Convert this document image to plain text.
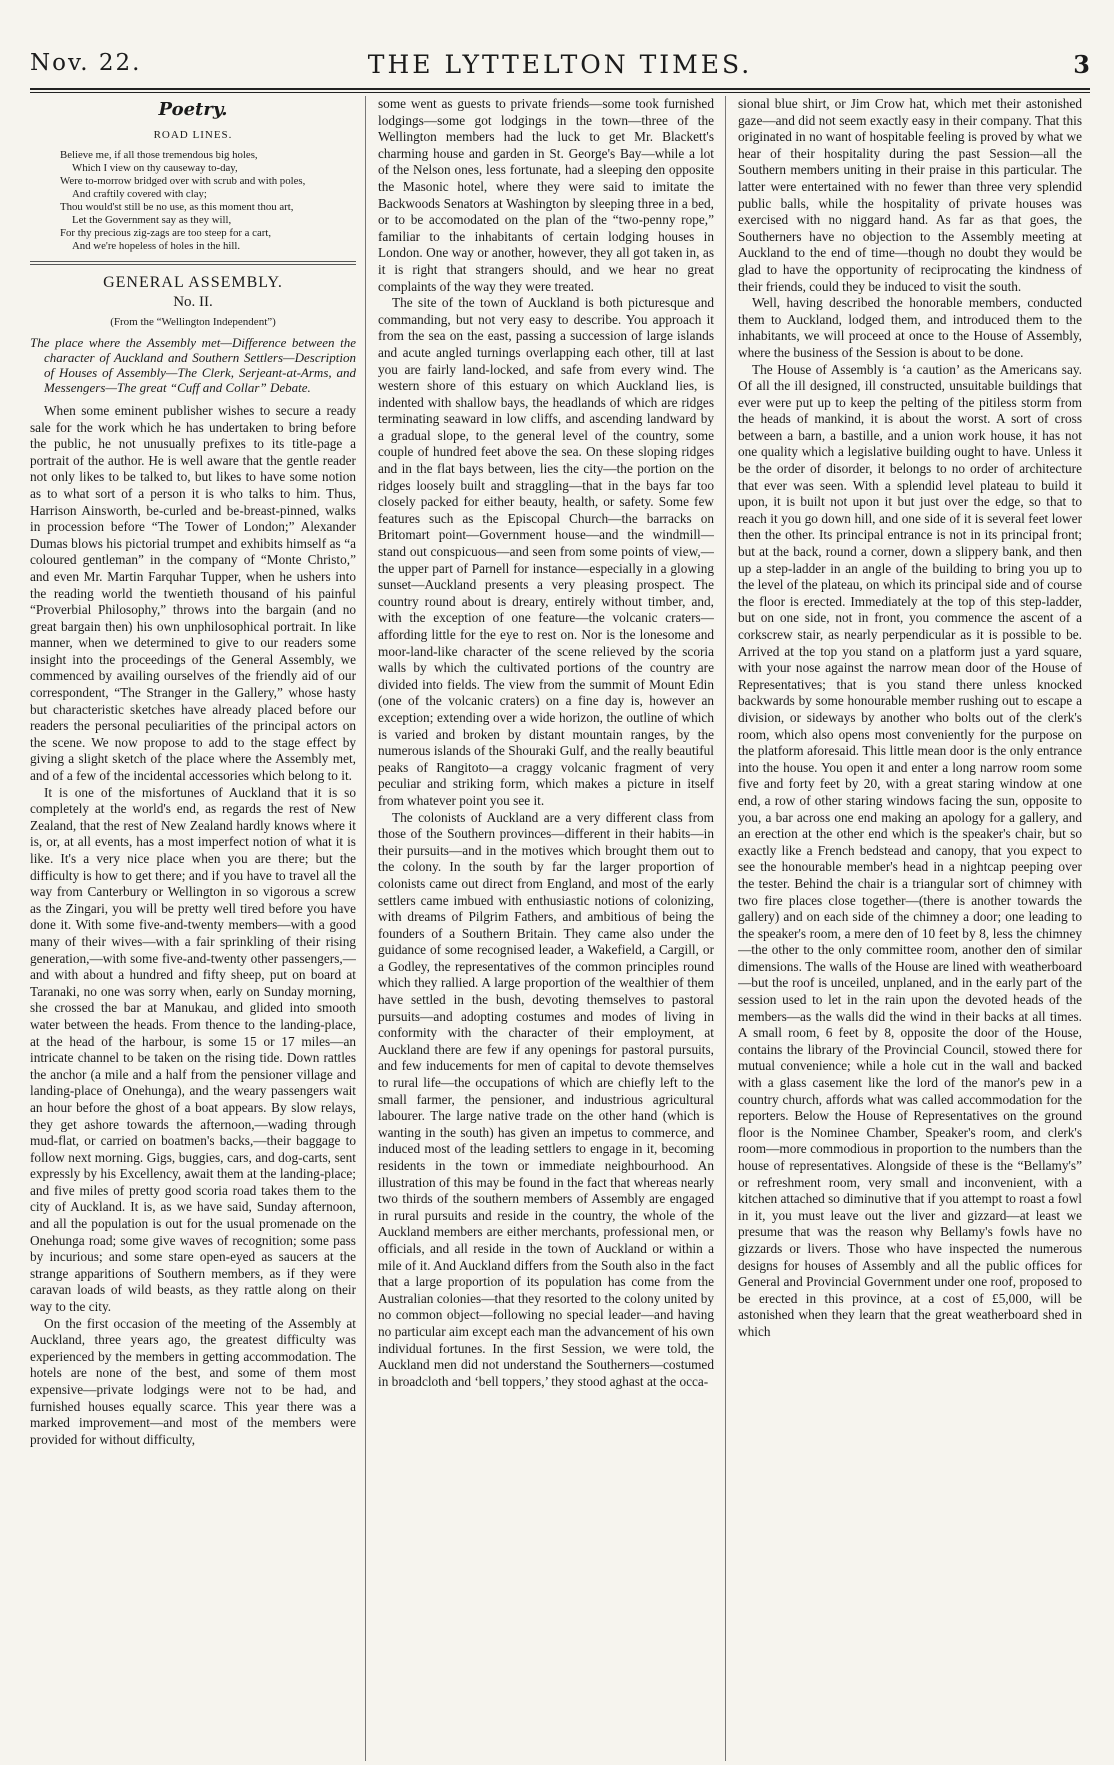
Nov. 22.	THE LYTTELTON TIMES.	3
Poetry.
ROAD LINES.
Believe me, if all those tremendous big holes,
Which I view on thy causeway to-day,
Were to-morrow bridged over with scrub and with poles,
And craftily covered with clay;
Thou would'st still be no use, as this moment thou art,
Let the Government say as they will,
For thy precious zig-zags are too steep for a cart,
And we're hopeless of holes in the hill.
GENERAL ASSEMBLY.
No. II.
(From the “Wellington Independent”)
The place where the Assembly met—Difference between the character of Auckland and Southern Settlers—Description of Houses of Assembly—The Clerk, Serjeant-at-Arms, and Messengers—The great “Cuff and Collar” Debate.

When some eminent publisher wishes to secure a ready sale for the work which he has undertaken to bring before the public, he not unusually prefixes to its title-page a portrait of the author. He is well aware that the gentle reader not only likes to be talked to, but likes to have some notion as to what sort of a person it is who talks to him. Thus, Harrison Ainsworth, be-curled and be-breast-pinned, walks in procession before “The Tower of London;” Alexander Dumas blows his pictorial trumpet and exhibits himself as “a coloured gentleman” in the company of “Monte Christo,” and even Mr. Martin Farquhar Tupper, when he ushers into the reading world the twentieth thousand of his painful “Proverbial Philosophy,” throws into the bargain (and no great bargain then) his own unphilosophical portrait. In like manner, when we determined to give to our readers some insight into the proceedings of the General Assembly, we commenced by availing ourselves of the friendly aid of our correspondent, “The Stranger in the Gallery,” whose hasty but characteristic sketches have already placed before our readers the personal peculiarities of the principal actors on the scene. We now propose to add to the stage effect by giving a slight sketch of the place where the Assembly met, and of a few of the incidental accessories which belong to it.

It is one of the misfortunes of Auckland that it is so completely at the world's end, as regards the rest of New Zealand, that the rest of New Zealand hardly knows where it is, or, at all events, has a most imperfect notion of what it is like. It's a very nice place when you are there; but the difficulty is how to get there; and if you have to travel all the way from Canterbury or Wellington in so vigorous a screw as the Zingari, you will be pretty well tired before you have done it. With some five-and-twenty members—with a good many of their wives—with a fair sprinkling of their rising generation,—with some five-and-twenty other passengers,—and with about a hundred and fifty sheep, put on board at Taranaki, no one was sorry when, early on Sunday morning, she crossed the bar at Manukau, and glided into smooth water between the heads. From thence to the landing-place, at the head of the harbour, is some 15 or 17 miles—an intricate channel to be taken on the rising tide. Down rattles the anchor (a mile and a half from the pensioner village and landing-place of Onehunga), and the weary passengers wait an hour before the ghost of a boat appears. By slow relays, they get ashore towards the afternoon,—wading through mud-flat, or carried on boatmen's backs,—their baggage to follow next morning. Gigs, buggies, cars, and dog-carts, sent expressly by his Excellency, await them at the landing-place; and five miles of pretty good scoria road takes them to the city of Auckland. It is, as we have said, Sunday afternoon, and all the population is out for the usual promenade on the Onehunga road; some give waves of recognition; some pass by incurious; and some stare open-eyed as saucers at the strange apparitions of Southern members, as if they were caravan loads of wild beasts, as they rattle along on their way to the city.

On the first occasion of the meeting of the Assembly at Auckland, three years ago, the greatest difficulty was experienced by the members in getting accommodation. The hotels are none of the best, and some of them most expensive—private lodgings were not to be had, and furnished houses equally scarce. This year there was a marked improvement—and most of the members were provided for without difficulty,

some went as guests to private friends—some took furnished lodgings—some got lodgings in the town—three of the Wellington members had the luck to get Mr. Blackett's charming house and garden in St. George's Bay—while a lot of the Nelson ones, less fortunate, had a sleeping den opposite the Masonic hotel, where they were said to imitate the Backwoods Senators at Washington by sleeping three in a bed, or to be accomodated on the plan of the “two-penny rope,” familiar to the inhabitants of certain lodging houses in London. One way or another, however, they all got taken in, as it is right that strangers should, and we hear no great complaints of the way they were treated.

The site of the town of Auckland is both picturesque and commanding, but not very easy to describe. You approach it from the sea on the east, passing a succession of large islands and acute angled turnings overlapping each other, till at last you are fairly land-locked, and safe from every wind. The western shore of this estuary on which Auckland lies, is indented with shallow bays, the headlands of which are ridges terminating seaward in low cliffs, and ascending landward by a gradual slope, to the general level of the country, some couple of hundred feet above the sea. On these sloping ridges and in the flat bays between, lies the city—the portion on the ridges loosely built and straggling—that in the bays far too closely packed for either beauty, health, or safety. Some few features such as the Episcopal Church—the barracks on Britomart point—Government house—and the windmill—stand out conspicuous—and seen from some points of view,—the upper part of Parnell for instance—especially in a glowing sunset—Auckland presents a very pleasing prospect. The country round about is dreary, entirely without timber, and, with the exception of one feature—the volcanic craters—affording little for the eye to rest on. Nor is the lonesome and moor-land-like character of the scene relieved by the scoria walls by which the cultivated portions of the country are divided into fields. The view from the summit of Mount Edin (one of the volcanic craters) on a fine day is, however an exception; extending over a wide horizon, the outline of which is varied and broken by distant mountain ranges, by the numerous islands of the Shouraki Gulf, and the really beautiful peaks of Rangitoto—a craggy volcanic fragment of very peculiar and striking form, which makes a picture in itself from whatever point you see it.

The colonists of Auckland are a very different class from those of the Southern provinces—different in their habits—in their pursuits—and in the motives which brought them out to the colony. In the south by far the larger proportion of colonists came out direct from England, and most of the early settlers came imbued with enthusiastic notions of colonizing, with dreams of Pilgrim Fathers, and ambitious of being the founders of a Southern Britain. They came also under the guidance of some recognised leader, a Wakefield, a Cargill, or a Godley, the representatives of the common principles round which they rallied. A large proportion of the wealthier of them have settled in the bush, devoting themselves to pastoral pursuits—and adopting costumes and modes of living in conformity with the character of their employment, at Auckland there are few if any openings for pastoral pursuits, and few inducements for men of capital to devote themselves to rural life—the occupations of which are chiefly left to the small farmer, the pensioner, and industrious agricultural labourer. The large native trade on the other hand (which is wanting in the south) has given an impetus to commerce, and induced most of the leading settlers to engage in it, becoming residents in the town or immediate neighbourhood. An illustration of this may be found in the fact that whereas nearly two thirds of the southern members of Assembly are engaged in rural pursuits and reside in the country, the whole of the Auckland members are either merchants, professional men, or officials, and all reside in the town of Auckland or within a mile of it. And Auckland differs from the South also in the fact that a large proportion of its population has come from the Australian colonies—that they resorted to the colony united by no common object—following no special leader—and having no particular aim except each man the advancement of his own individual fortunes. In the first Session, we were told, the Auckland men did not understand the Southerners—costumed in broadcloth and ‘bell toppers,’ they stood aghast at the occa-

sional blue shirt, or Jim Crow hat, which met their astonished gaze—and did not seem exactly easy in their company. That this originated in no want of hospitable feeling is proved by what we hear of their hospitality during the past Session—all the Southern members uniting in their praise in this particular. The latter were entertained with no fewer than three very splendid public balls, while the hospitality of private houses was exercised with no niggard hand. As far as that goes, the Southerners have no objection to the Assembly meeting at Auckland to the end of time—though no doubt they would be glad to have the opportunity of reciprocating the kindness of their friends, could they be induced to visit the south.

Well, having described the honorable members, conducted them to Auckland, lodged them, and introduced them to the inhabitants, we will proceed at once to the House of Assembly, where the business of the Session is about to be done.

The House of Assembly is ‘a caution’ as the Americans say. Of all the ill designed, ill constructed, unsuitable buildings that ever were put up to keep the pelting of the pitiless storm from the heads of mankind, it is about the worst. A sort of cross between a barn, a bastille, and a union work house, it has not one quality which a legislative building ought to have. Unless it be the order of disorder, it belongs to no order of architecture that ever was seen. With a splendid level plateau to build it upon, it is built not upon it but just over the edge, so that to reach it you go down hill, and one side of it is several feet lower then the other. Its principal entrance is not in its principal front; but at the back, round a corner, down a slippery bank, and then up a step-ladder in an angle of the building to bring you up to the level of the plateau, on which its principal side and of course the floor is erected. Immediately at the top of this step-ladder, but on one side, not in front, you commence the ascent of a corkscrew stair, as nearly perpendicular as it is possible to be. Arrived at the top you stand on a platform just a yard square, with your nose against the narrow mean door of the House of Representatives; that is you stand there unless knocked backwards by some honourable member rushing out to escape a division, or sideways by another who bolts out of the clerk's room, which also opens most conveniently for the purpose on the platform aforesaid. This little mean door is the only entrance into the house. You open it and enter a long narrow room some five and forty feet by 20, with a great staring window at one end, a row of other staring windows facing the sun, opposite to you, a bar across one end making an apology for a gallery, and an erection at the other end which is the speaker's chair, but so exactly like a French bedstead and canopy, that you expect to see the honourable member's head in a nightcap peeping over the tester. Behind the chair is a triangular sort of chimney with two fire places close together—(there is another towards the gallery) and on each side of the chimney a door; one leading to the speaker's room, a mere den of 10 feet by 8, less the chimney—the other to the only committee room, another den of similar dimensions. The walls of the House are lined with weatherboard—but the roof is unceiled, unplaned, and in the early part of the session used to let in the rain upon the devoted heads of the members—as the walls did the wind in their backs at all times. A small room, 6 feet by 8, opposite the door of the House, contains the library of the Provincial Council, stowed there for mutual convenience; while a hole cut in the wall and backed with a glass casement like the lord of the manor's pew in a country church, affords what was called accommodation for the reporters. Below the House of Representatives on the ground floor is the Nominee Chamber, Speaker's room, and clerk's room—more commodious in proportion to the numbers than the house of representatives. Alongside of these is the “Bellamy's” or refreshment room, very small and inconvenient, with a kitchen attached so diminutive that if you attempt to roast a fowl in it, you must leave out the liver and gizzard—at least we presume that was the reason why Bellamy's fowls have no gizzards or livers. Those who have inspected the numerous designs for houses of Assembly and all the public offices for General and Provincial Government under one roof, proposed to be erected in this province, at a cost of £5,000, will be astonished when they learn that the great weatherboard shed in which
